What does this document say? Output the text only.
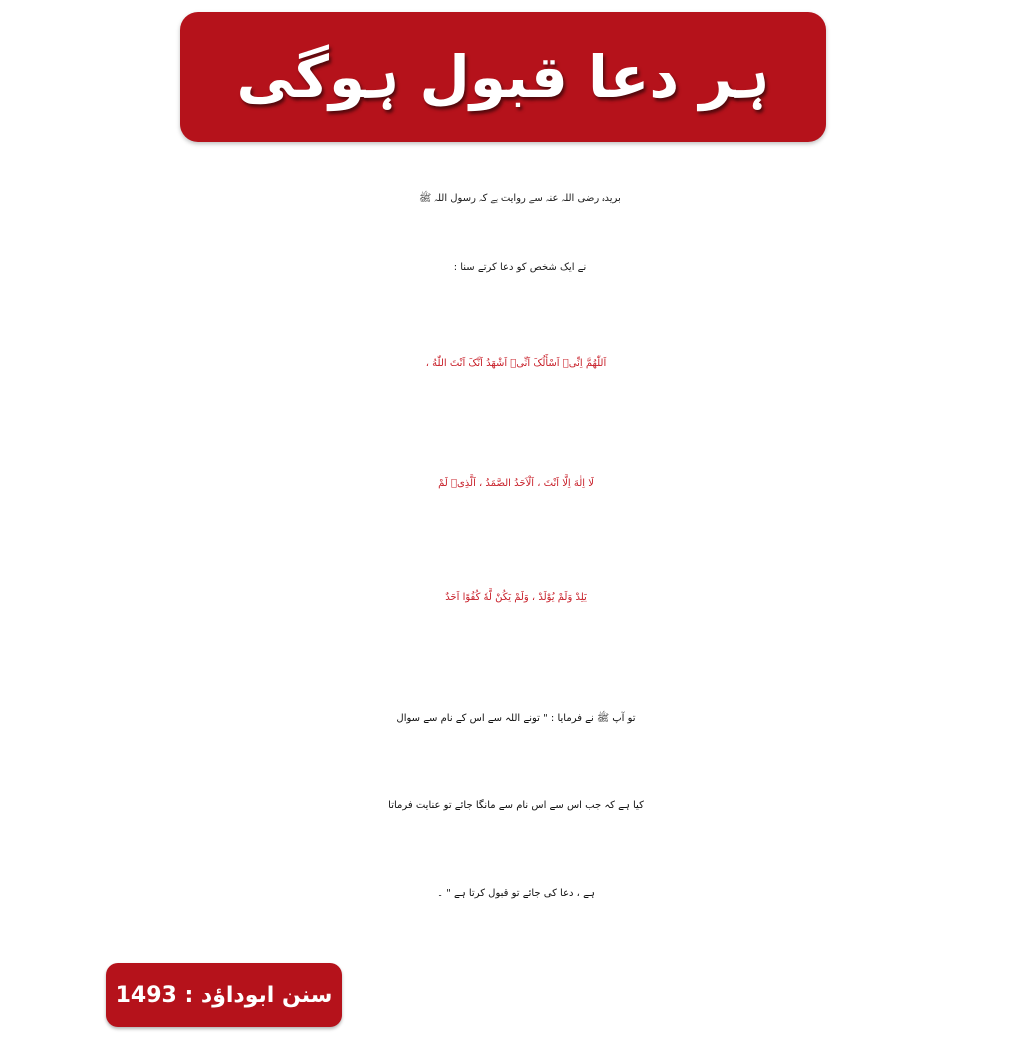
ہر دعا قبول ہوگی
بریدہ رضی اللہ عنہ سے روایت ہے کہ رسول اللہ ﷺ
نے ایک شخص کو دعا کرتے سنا :
اَللّٰھُمَّ اِنِّیۡ اَسْأَلُکَ اَنِّیۡ اَشْھَدُ اَنَّکَ اَنْتَ اللّٰهُ ،
لَا اِلٰهَ اِلَّا اَنْتَ ، اَلْاَحَدُ الصَّمَدُ ، اَلَّذِیۡ لَمْ
یَلِدْ وَلَمْ یُوْلَدْ ، وَلَمْ یَکُنْ لَّهٗ کُفُوًا اَحَدٌ
تو آپ ﷺ نے فرمایا : " تونے اللہ سے اس کے نام سے سوال
کیا ہے کہ جب اس سے اس نام سے مانگا جائے تو عنایت فرماتا
ہے ، دعا کی جائے تو قبول کرتا ہے " ۔
سنن ابوداؤد : 1493
